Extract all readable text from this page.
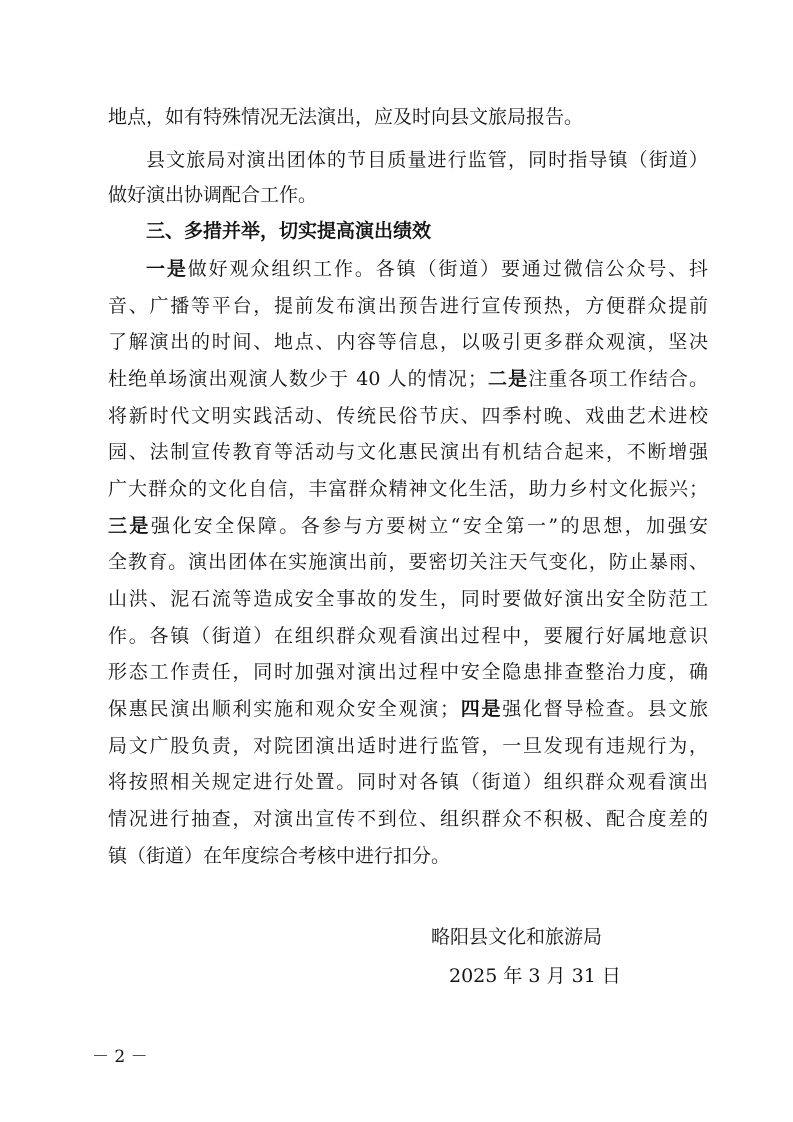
地点，如有特殊情况无法演出，应及时向县文旅局报告。
县文旅局对演出团体的节目质量进行监管，同时指导镇（街道）
做好演出协调配合工作。
三、多措并举，切实提高演出绩效
一是做好观众组织工作。各镇（街道）要通过微信公众号、抖
音、广播等平台，提前发布演出预告进行宣传预热，方便群众提前
了解演出的时间、地点、内容等信息，以吸引更多群众观演，坚决
杜绝单场演出观演人数少于 40 人的情况；二是注重各项工作结合。
将新时代文明实践活动、传统民俗节庆、四季村晚、戏曲艺术进校
园、法制宣传教育等活动与文化惠民演出有机结合起来，不断增强
广大群众的文化自信，丰富群众精神文化生活，助力乡村文化振兴；
三是强化安全保障。各参与方要树立“安全第一”的思想，加强安
全教育。演出团体在实施演出前，要密切关注天气变化，防止暴雨、
山洪、泥石流等造成安全事故的发生，同时要做好演出安全防范工
作。各镇（街道）在组织群众观看演出过程中，要履行好属地意识
形态工作责任，同时加强对演出过程中安全隐患排查整治力度，确
保惠民演出顺利实施和观众安全观演；四是强化督导检查。县文旅
局文广股负责，对院团演出适时进行监管，一旦发现有违规行为，
将按照相关规定进行处置。同时对各镇（街道）组织群众观看演出
情况进行抽查，对演出宣传不到位、组织群众不积极、配合度差的
镇（街道）在年度综合考核中进行扣分。
略阳县文化和旅游局
2025 年 3 月 31 日
－ 2 －
